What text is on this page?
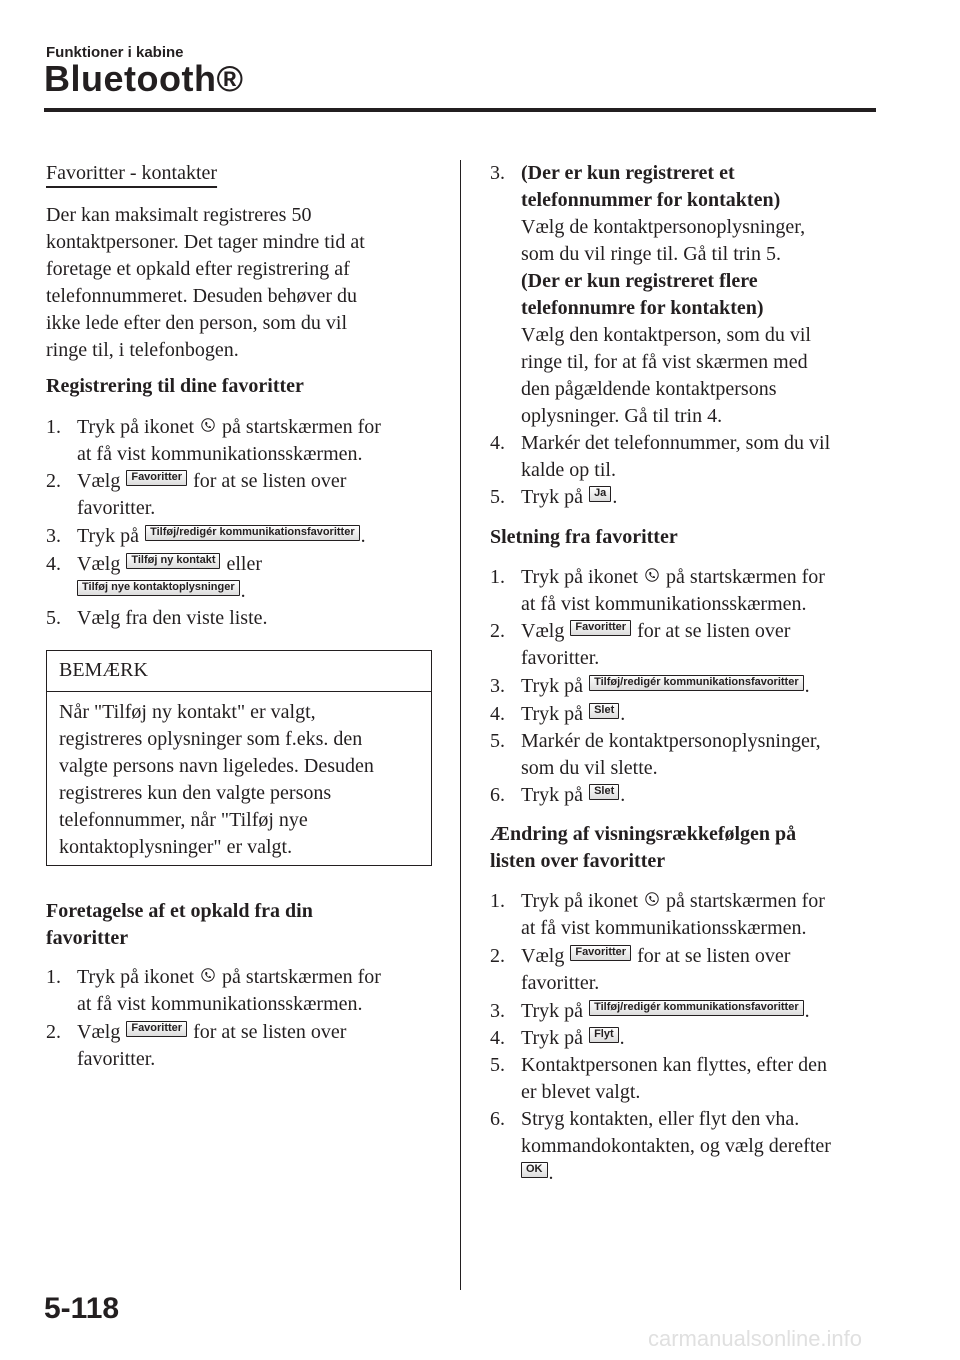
Funktioner i kabine
Bluetooth®
Favoritter - kontakter
Der kan maksimalt registreres 50
kontaktpersoner. Det tager mindre tid at
foretage et opkald efter registrering af
telefonnummeret. Desuden behøver du
ikke lede efter den person, som du vil
ringe til, i telefonbogen.
Registrering til dine favoritter
1. Tryk på ikonet  på startskærmen for
at få vist kommunikationsskærmen.
2. Vælg Favoritter for at se listen over
favoritter.
3. Tryk på Tilføj/redigér kommunikationsfavoritter .
4. Vælg Tilføj ny kontakt eller
Tilføj nye kontaktoplysninger .
5. Vælg fra den viste liste.
BEMÆRK
Når "Tilføj ny kontakt" er valgt,
registreres oplysninger som f.eks. den
valgte persons navn ligeledes. Desuden
registreres kun den valgte persons
telefonnummer, når "Tilføj nye
kontaktoplysninger" er valgt.
Foretagelse af et opkald fra din
favoritter
1. Tryk på ikonet  på startskærmen for
at få vist kommunikationsskærmen.
2. Vælg Favoritter for at se listen over
favoritter.
3. (Der er kun registreret et
telefonnummer for kontakten)
Vælg de kontaktpersonoplysninger,
som du vil ringe til. Gå til trin 5.
(Der er kun registreret flere
telefonnumre for kontakten)
Vælg den kontaktperson, som du vil
ringe til, for at få vist skærmen med
den pågældende kontaktpersons
oplysninger. Gå til trin 4.
4. Markér det telefonnummer, som du vil
kalde op til.
5. Tryk på Ja .
Sletning fra favoritter
1. Tryk på ikonet  på startskærmen for
at få vist kommunikationsskærmen.
2. Vælg Favoritter for at se listen over
favoritter.
3. Tryk på Tilføj/redigér kommunikationsfavoritter .
4. Tryk på Slet .
5. Markér de kontaktpersonoplysninger,
som du vil slette.
6. Tryk på Slet .
Ændring af visningsrækkefølgen på
listen over favoritter
1. Tryk på ikonet  på startskærmen for
at få vist kommunikationsskærmen.
2. Vælg Favoritter for at se listen over
favoritter.
3. Tryk på Tilføj/redigér kommunikationsfavoritter .
4. Tryk på Flyt .
5. Kontaktpersonen kan flyttes, efter den
er blevet valgt.
6. Stryg kontakten, eller flyt den vha.
kommandokontakten, og vælg derefter
OK .
5-118
carmanualsonline.info
